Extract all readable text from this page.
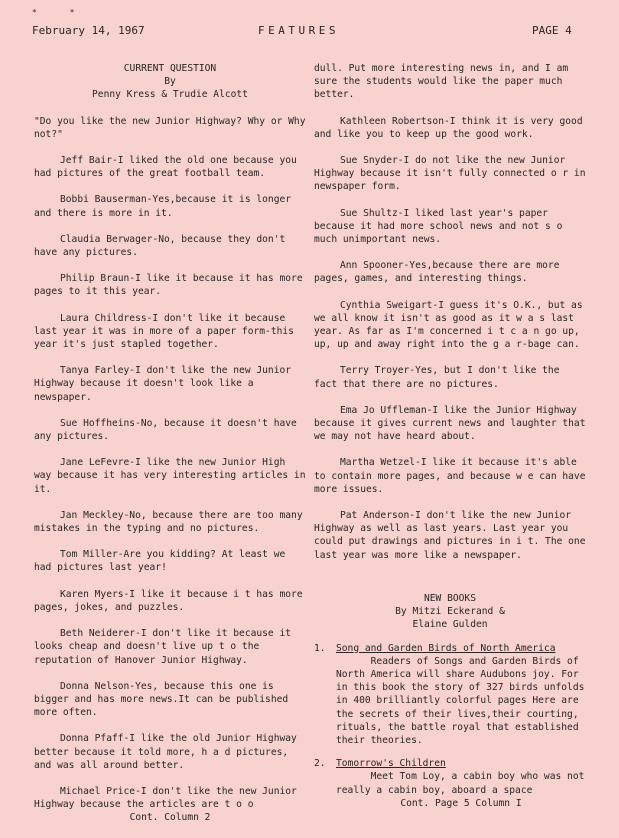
* *
February 14, 1967	FEATURES	PAGE 4

CURRENT QUESTION

By

Penny Kress & Trudie Alcott

"Do you like the new Junior Highway? Why or Why not?"

Jeff Bair-I liked the old one because you had pictures of the great football team.

Bobbi Bauserman-Yes,because it is longer and there is more in it.

Claudia Berwager-No, because they don't have any pictures.

Philip Braun-I like it because it has more pages to it this year.

Laura Childress-I don't like it because last year it was in more of a paper form-this year it's just stapled together.

Tanya Farley-I don't like the new Junior Highway because it doesn't look like a newspaper.

Sue Hoffheins-No, because it doesn't have any pictures.

Jane LeFevre-I like the new Junior High way because it has very interesting articles in it.

Jan Meckley-No, because there are too many mistakes in the typing and no pictures.

Tom Miller-Are you kidding? At least we had pictures last year!

Karen Myers-I like it because i t has more pages, jokes, and puzzles.

Beth Neiderer-I don't like it because it looks cheap and doesn't live up t o the reputation of Hanover Junior Highway.

Donna Nelson-Yes, because this one is bigger and has more news.It can be published more often.

Donna Pfaff-I like the old Junior Highway better because it told more, h a d pictures, and was all around better.

Michael Price-I don't like the new Junior Highway because the articles are t o o

Cont. Column 2

dull. Put more interesting news in, and I am sure the students would like the paper much better.

Kathleen Robertson-I think it is very good and like you to keep up the good work.

Sue Snyder-I do not like the new Junior Highway because it isn't fully connected o r in newspaper form.

Sue Shultz-I liked last year's paper because it had more school news and not s o much unimportant news.

Ann Spooner-Yes,because there are more pages, games, and interesting things.

Cynthia Sweigart-I guess it's O.K., but as we all know it isn't as good as it w a s last year. As far as I'm concerned i t c a n go up, up, up and away right into the g a r-bage can.

Terry Troyer-Yes, but I don't like the fact that there are no pictures.

Ema Jo Uffleman-I like the Junior Highway because it gives current news and laughter that we may not have heard about.

Martha Wetzel-I like it because it's able to contain more pages, and because w e can have more issues.

Pat Anderson-I don't like the new Junior Highway as well as last years. Last year you could put drawings and pictures in i t. The one last year was more like a newspaper.

NEW BOOKS

By Mitzi Eckerand &

Elaine Gulden

1.	Song and Garden Birds of North America

Readers of Songs and Garden Birds of North America will share Audubons joy. For in this book the story of 327 birds unfolds in 400 brilliantly colorful pages Here are the secrets of their lives,their courting, rituals, the battle royal that established their theories.

2.	Tomorrow's Children

Meet Tom Loy, a cabin boy who was not really a cabin boy, aboard a space

Cont. Page 5 Column I
